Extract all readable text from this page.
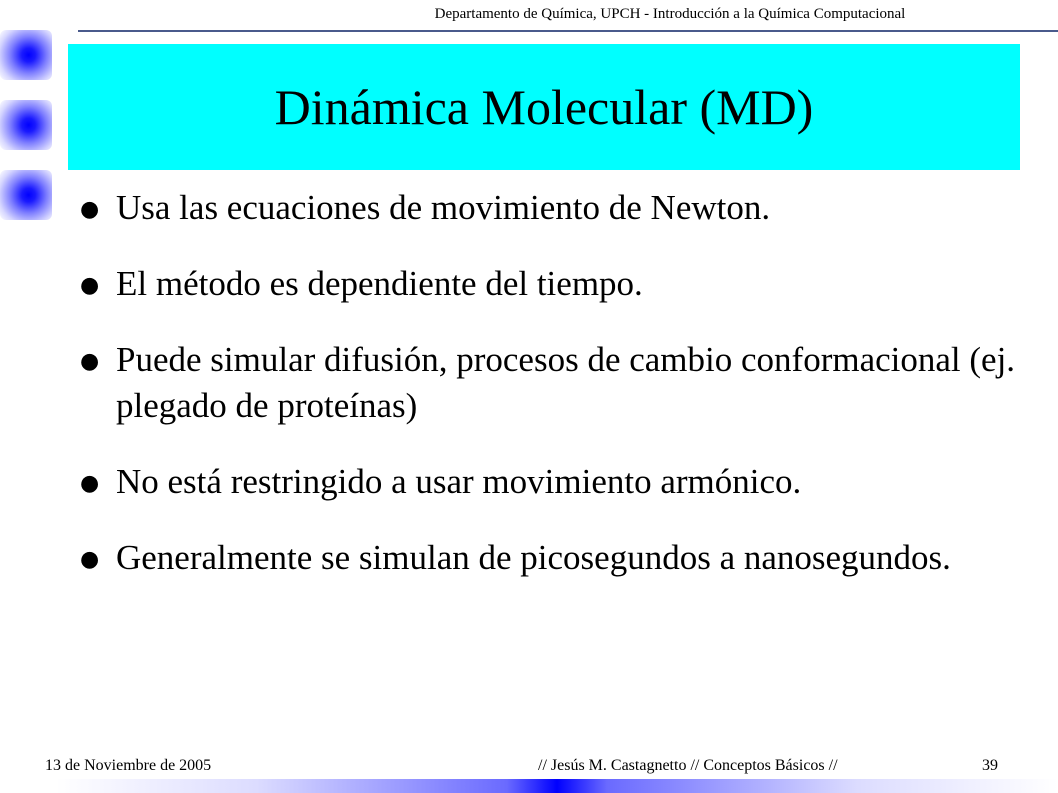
Departamento de Química, UPCH - Introducción a la Química Computacional
Dinámica Molecular (MD)
● Usa las ecuaciones de movimiento de Newton.
● El método es dependiente del tiempo.
● Puede simular difusión, procesos de cambio conformacional (ej. plegado de proteínas)
● No está restringido a usar movimiento armónico.
● Generalmente se simulan de picosegundos a nanosegundos.
13 de Noviembre de 2005	// Jesús M. Castagnetto // Conceptos Básicos //	39
